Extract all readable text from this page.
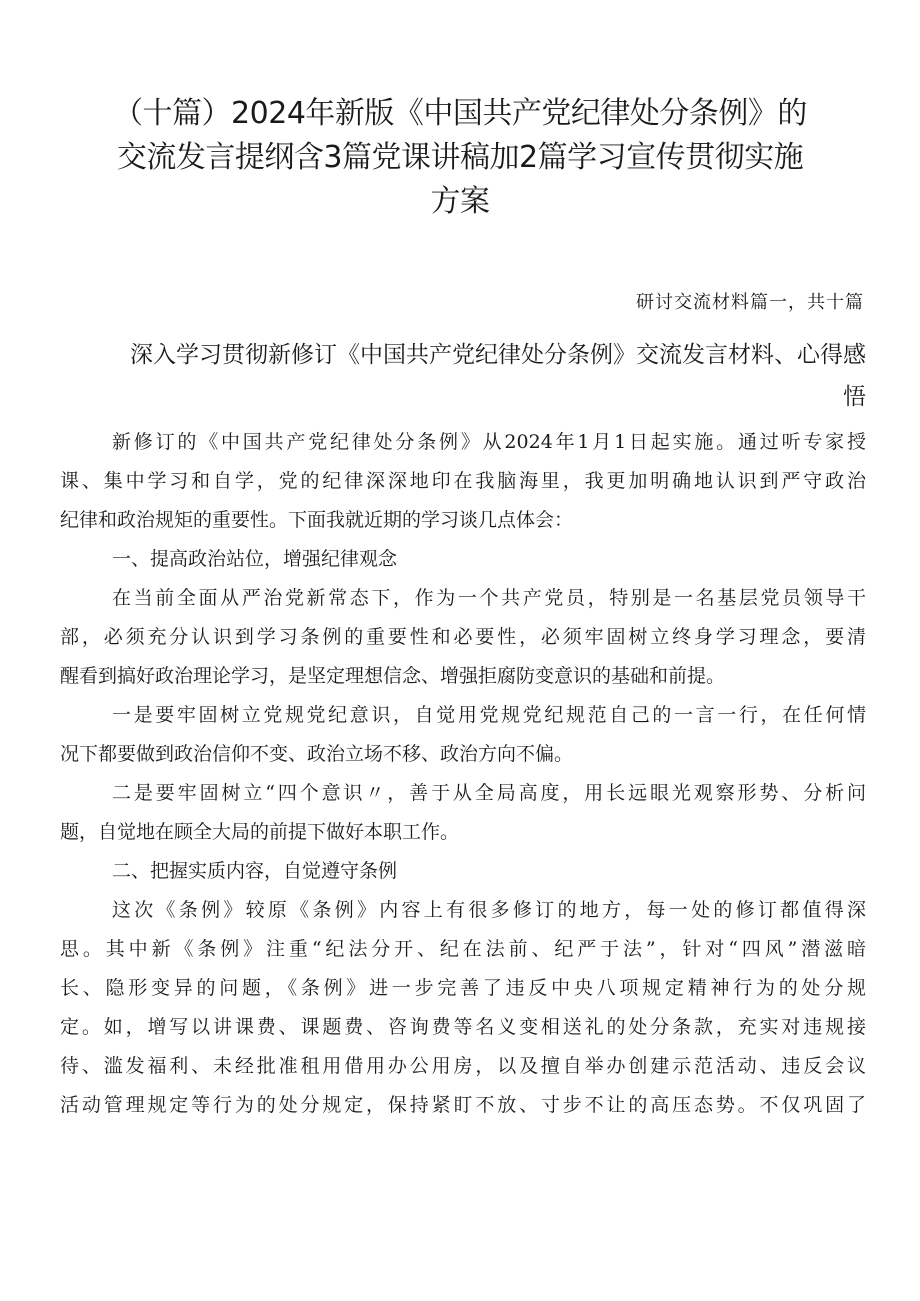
（十篇）2024年新版《中国共产党纪律处分条例》的
交流发言提纲含3篇党课讲稿加2篇学习宣传贯彻实施
方案

研讨交流材料篇一，共十篇

深入学习贯彻新修订《中国共产党纪律处分条例》交流发言材料、心得感
悟
新修订的《中国共产党纪律处分条例》从2024年1月1日起实施。通过听专家授
课、集中学习和自学，党的纪律深深地印在我脑海里，我更加明确地认识到严守政治
纪律和政治规矩的重要性。下面我就近期的学习谈几点体会：
一、提高政治站位，增强纪律观念
在当前全面从严治党新常态下，作为一个共产党员，特别是一名基层党员领导干
部，必须充分认识到学习条例的重要性和必要性，必须牢固树立终身学习理念，要清
醒看到搞好政治理论学习，是坚定理想信念、增强拒腐防变意识的基础和前提。
一是要牢固树立党规党纪意识，自觉用党规党纪规范自己的一言一行，在任何情
况下都要做到政治信仰不变、政治立场不移、政治方向不偏。
二是要牢固树立“四个意识〃，善于从全局高度，用长远眼光观察形势、分析问
题，自觉地在顾全大局的前提下做好本职工作。
二、把握实质内容，自觉遵守条例
这次《条例》较原《条例》内容上有很多修订的地方，每一处的修订都值得深
思。其中新《条例》注重“纪法分开、纪在法前、纪严于法”，针对“四风”潜滋暗
长、隐形变异的问题，《条例》进一步完善了违反中央八项规定精神行为的处分规
定。如，增写以讲课费、课题费、咨询费等名义变相送礼的处分条款，充实对违规接
待、滥发福利、未经批准租用借用办公用房，以及擅自举办创建示范活动、违反会议
活动管理规定等行为的处分规定，保持紧盯不放、寸步不让的高压态势。不仅巩固了
